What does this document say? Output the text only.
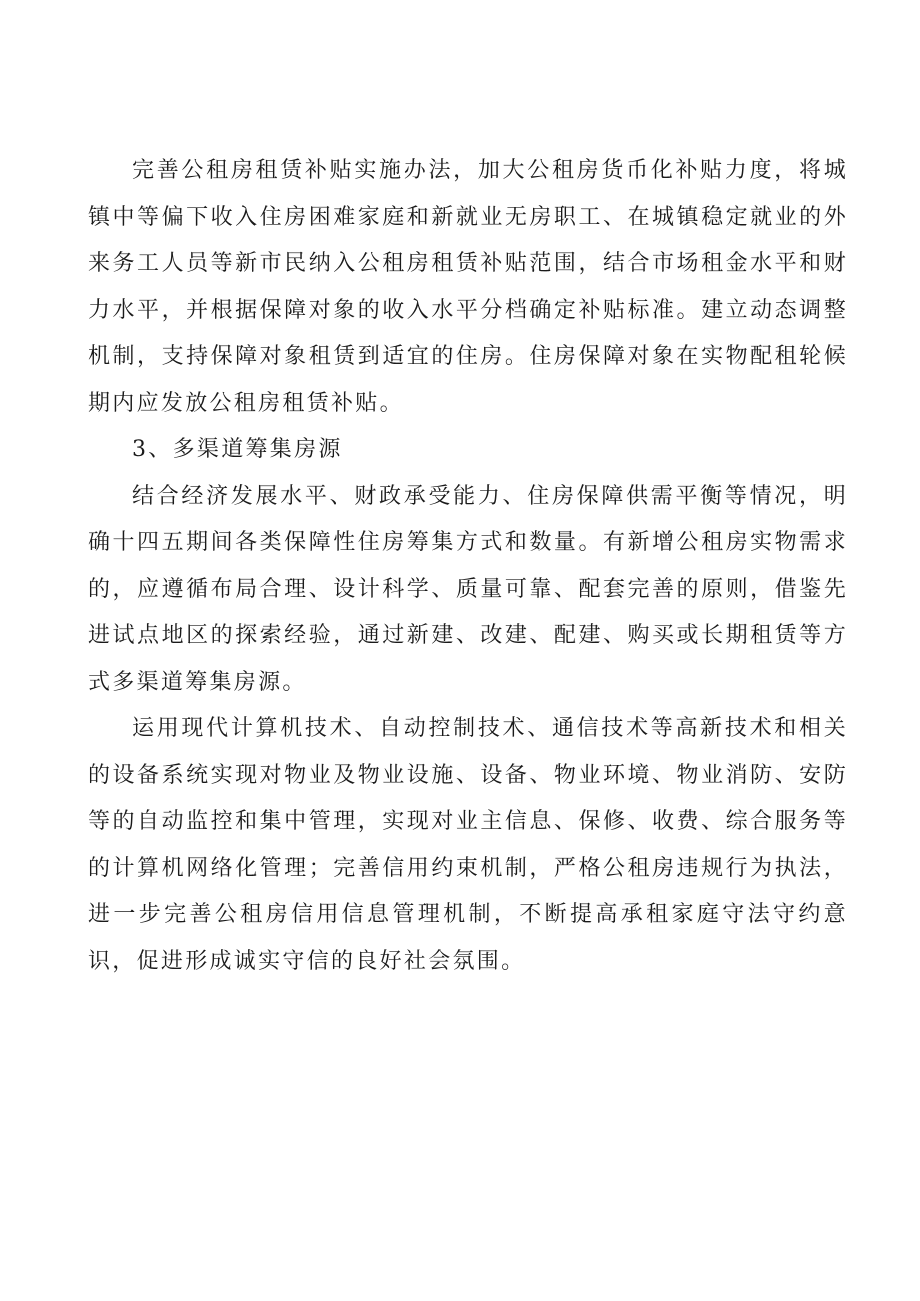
完善公租房租赁补贴实施办法，加大公租房货币化补贴力度，将城镇中等偏下收入住房困难家庭和新就业无房职工、在城镇稳定就业的外来务工人员等新市民纳入公租房租赁补贴范围，结合市场租金水平和财力水平，并根据保障对象的收入水平分档确定补贴标准。建立动态调整机制，支持保障对象租赁到适宜的住房。住房保障对象在实物配租轮候期内应发放公租房租赁补贴。

3、多渠道筹集房源

结合经济发展水平、财政承受能力、住房保障供需平衡等情况，明确十四五期间各类保障性住房筹集方式和数量。有新增公租房实物需求的，应遵循布局合理、设计科学、质量可靠、配套完善的原则，借鉴先进试点地区的探索经验，通过新建、改建、配建、购买或长期租赁等方式多渠道筹集房源。

运用现代计算机技术、自动控制技术、通信技术等高新技术和相关的设备系统实现对物业及物业设施、设备、物业环境、物业消防、安防等的自动监控和集中管理，实现对业主信息、保修、收费、综合服务等的计算机网络化管理；完善信用约束机制，严格公租房违规行为执法，进一步完善公租房信用信息管理机制，不断提高承租家庭守法守约意识，促进形成诚实守信的良好社会氛围。
